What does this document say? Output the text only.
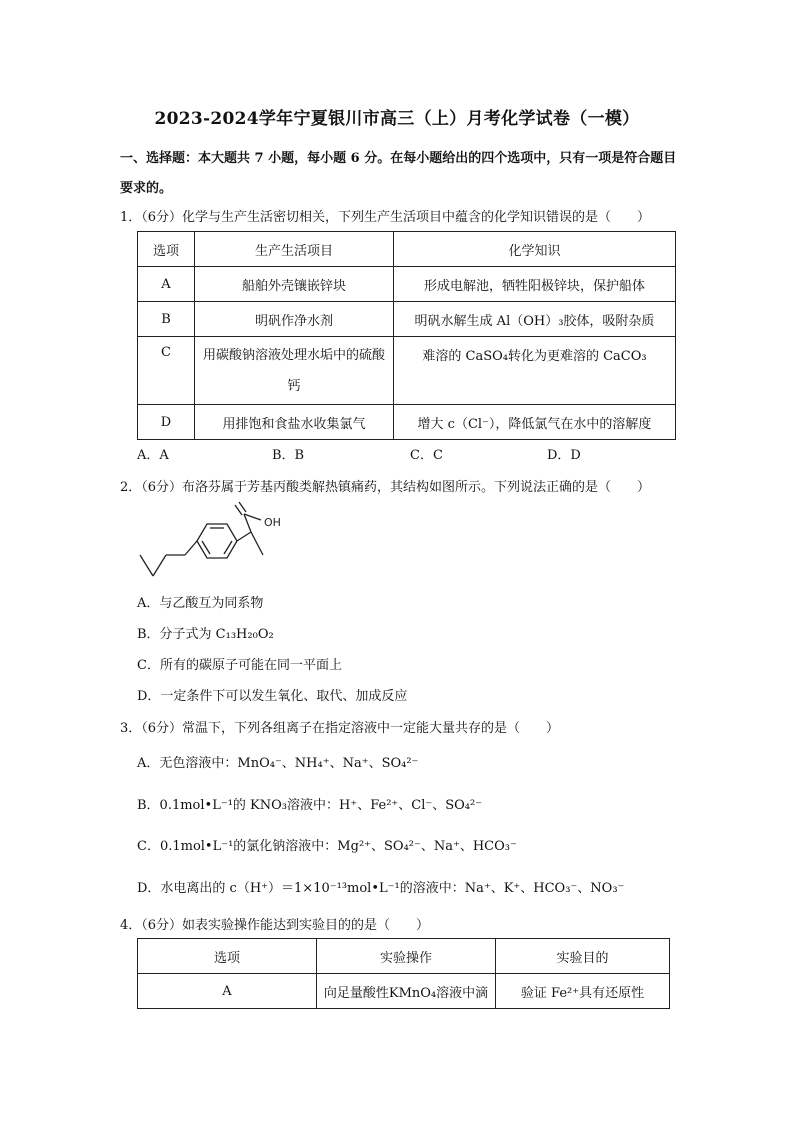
2023-2024学年宁夏银川市高三（上）月考化学试卷（一模）
一、选择题：本大题共 7 小题，每小题 6 分。在每小题给出的四个选项中，只有一项是符合题目要求的。
1．（6分）化学与生产生活密切相关，下列生产生活项目中蕴含的化学知识错误的是（　　）
选项	生产生活项目	化学知识
A	船舶外壳镶嵌锌块	形成电解池，牺牲阳极锌块，保护船体
B	明矾作净水剂	明矾水解生成 Al（OH）₃胶体，吸附杂质
C	用碳酸钠溶液处理水垢中的硫酸钙	难溶的 CaSO₄转化为更难溶的 CaCO₃
D	用排饱和食盐水收集氯气	增大 c（Cl⁻），降低氯气在水中的溶解度
A．A	B．B	C．C	D．D
2．（6分）布洛芬属于芳基丙酸类解热镇痛药，其结构如图所示。下列说法正确的是（　　）
OH
A．与乙酸互为同系物
B．分子式为 C₁₃H₂₀O₂
C．所有的碳原子可能在同一平面上
D．一定条件下可以发生氧化、取代、加成反应
3．（6分）常温下，下列各组离子在指定溶液中一定能大量共存的是（　　）
A．无色溶液中：MnO₄⁻、NH₄⁺、Na⁺、SO₄²⁻
B．0.1mol•L⁻¹的 KNO₃溶液中：H⁺、Fe²⁺、Cl⁻、SO₄²⁻
C．0.1mol•L⁻¹的氯化钠溶液中：Mg²⁺、SO₄²⁻、Na⁺、HCO₃⁻
D．水电离出的 c（H⁺）＝1×10⁻¹³mol•L⁻¹的溶液中：Na⁺、K⁺、HCO₃⁻、NO₃⁻
4．（6分）如表实验操作能达到实验目的的是（　　）
选项	实验操作	实验目的
A	向足量酸性KMnO₄溶液中滴	验证 Fe²⁺具有还原性
